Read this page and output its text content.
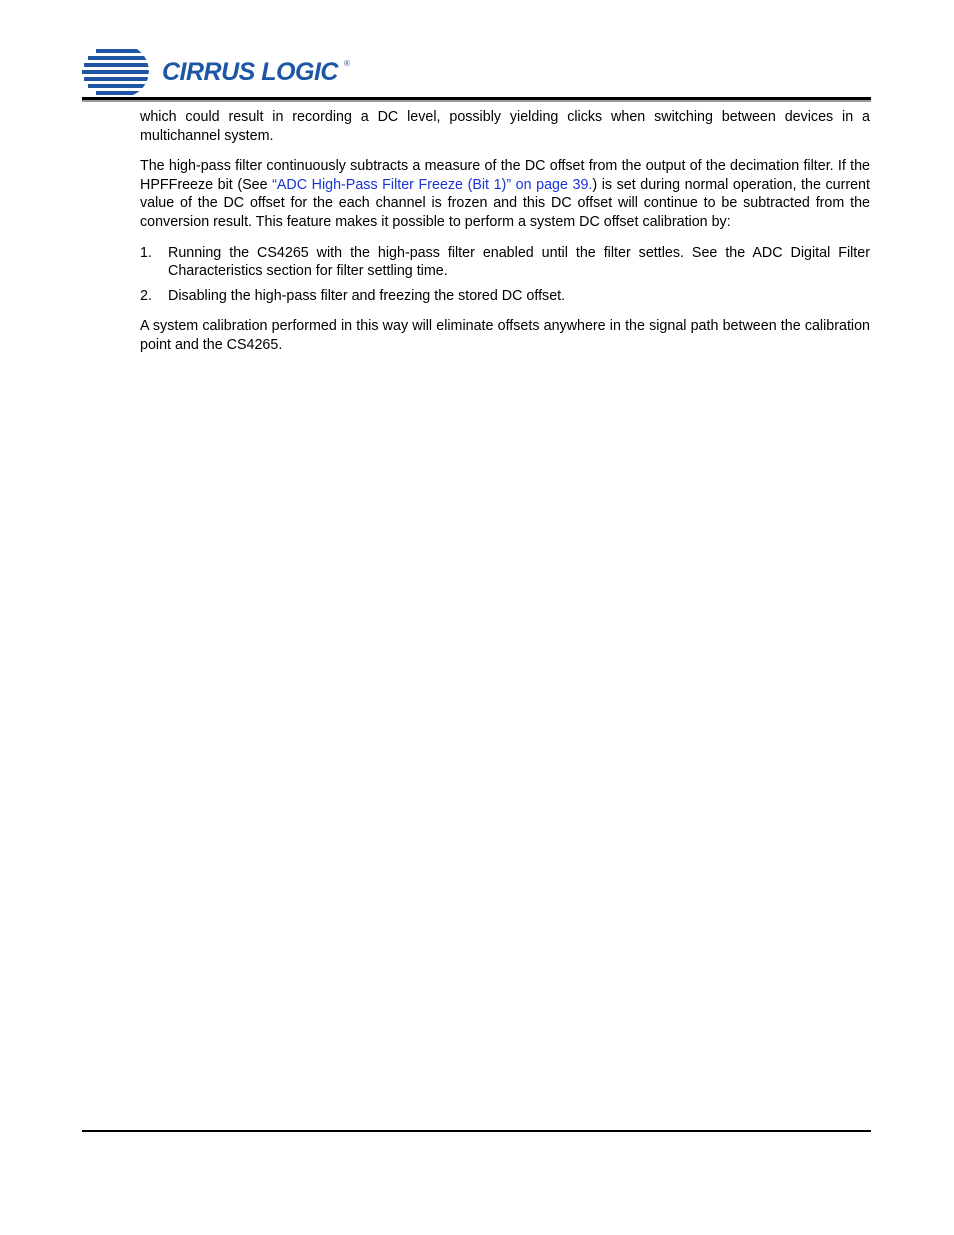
CIRRUS LOGIC ®

which could result in recording a DC level, possibly yielding clicks when switching between devices in a multichannel system.

The high-pass filter continuously subtracts a measure of the DC offset from the output of the decimation filter. If the HPFFreeze bit (See “ADC High-Pass Filter Freeze (Bit 1)” on page 39.) is set during normal operation, the current value of the DC offset for the each channel is frozen and this DC offset will continue to be subtracted from the conversion result. This feature makes it possible to perform a system DC offset calibration by:

1. Running the CS4265 with the high-pass filter enabled until the filter settles. See the ADC Digital Filter Characteristics section for filter settling time.
2. Disabling the high-pass filter and freezing the stored DC offset.

A system calibration performed in this way will eliminate offsets anywhere in the signal path between the calibration point and the CS4265.
